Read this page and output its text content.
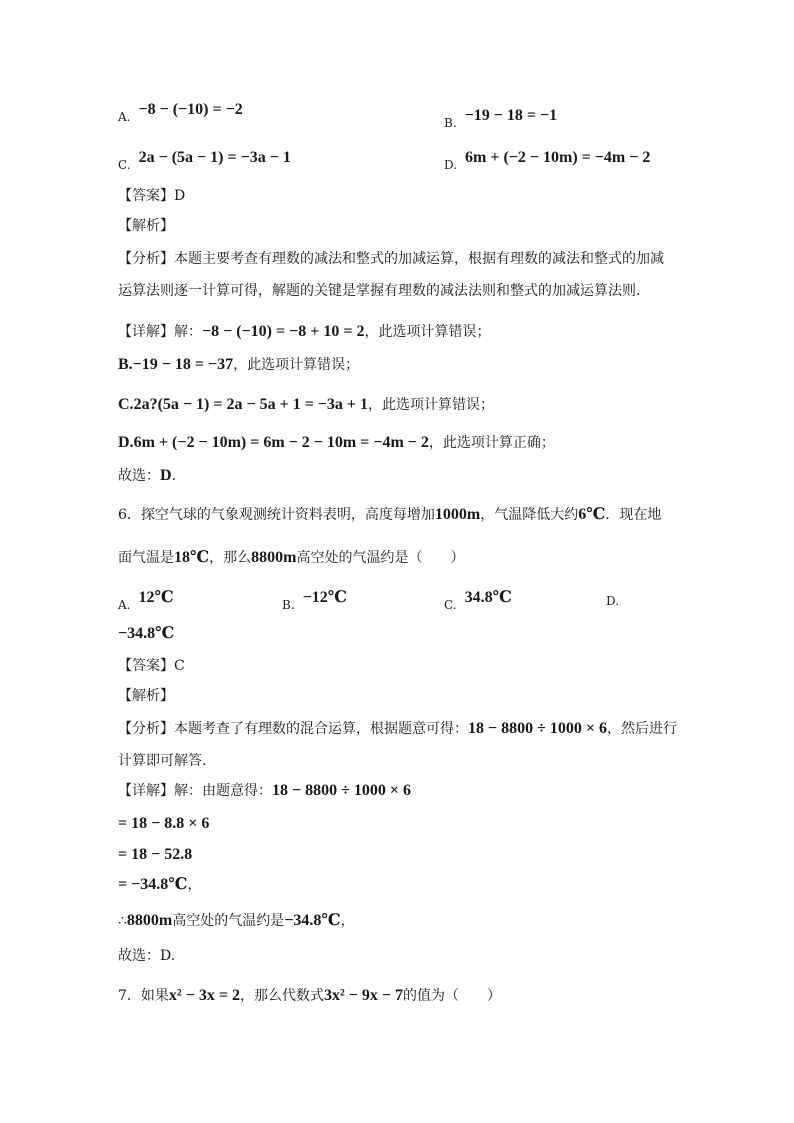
A. −8 − (−10) = −2
B. −19 − 18 = −1
C. 2a − (5a − 1) = −3a − 1	D. 6m + (−2 − 10m) = −4m − 2
【答案】D
【解析】
【分析】本题主要考查有理数的减法和整式的加减运算，根据有理数的减法和整式的加减
运算法则逐一计算可得，解题的关键是掌握有理数的减法法则和整式的加减运算法则.
【详解】解：−8 − (−10) = −8 + 10 = 2，此选项计算错误；
B.−19 − 18 = −37，此选项计算错误；
C.2a?(5a − 1) = 2a − 5a + 1 = −3a + 1，此选项计算错误；
D.6m + (−2 − 10m) = 6m − 2 − 10m = −4m − 2，此选项计算正确；
故选：D.
6．探空气球的气象观测统计资料表明，高度每增加1000m，气温降低大约6℃．现在地
面气温是18℃，那么8800m高空处的气温约是（　　）
A. 12℃	B. −12℃	C. 34.8℃	D.
−34.8℃
【答案】C
【解析】
【分析】本题考查了有理数的混合运算，根据题意可得：18 − 8800 ÷ 1000 × 6，然后进行
计算即可解答.
【详解】解：由题意得：18 − 8800 ÷ 1000 × 6
= 18 − 8.8 × 6
= 18 − 52.8
= −34.8℃，
∴8800m高空处的气温约是−34.8℃，
故选：D.
7．如果x² − 3x = 2，那么代数式3x² − 9x − 7的值为（　　）
